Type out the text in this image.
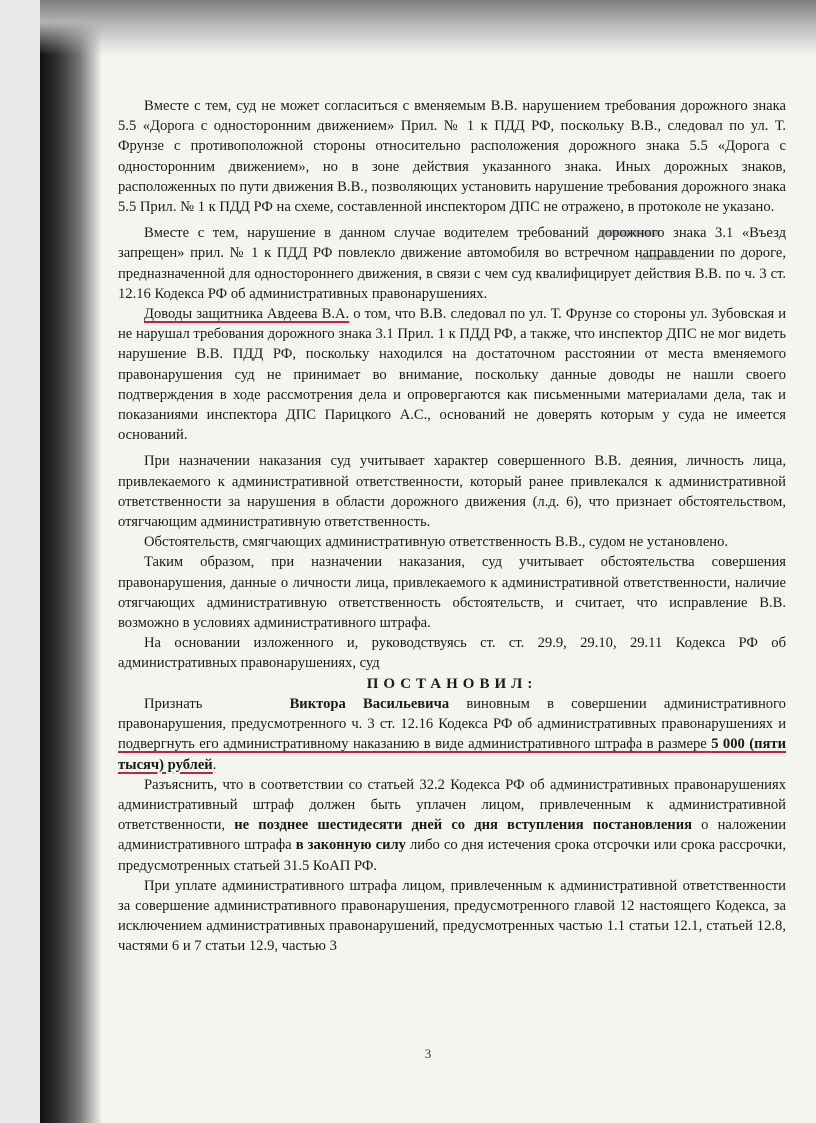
Вместе с тем, суд не может согласиться с вменяемым В.В. нарушением требования дорожного знака 5.5 «Дорога с односторонним движением» Прил. № 1 к ПДД РФ, поскольку В.В., следовал по ул. Т. Фрунзе с противоположной стороны относительно расположения дорожного знака 5.5 «Дорога с односторонним движением», но в зоне действия указанного знака. Иных дорожных знаков, расположенных по пути движения В.В., позволяющих установить нарушение требования дорожного знака 5.5 Прил. № 1 к ПДД РФ на схеме, составленной инспектором ДПС не отражено, в протоколе не указано.

Вместе с тем, нарушение в данном случае водителем требований дорожного знака 3.1 «Въезд запрещен» прил. № 1 к ПДД РФ повлекло движение автомобиля во встречном направлении по дороге, предназначенной для одностороннего движения, в связи с чем суд квалифицирует действия В.В. по ч. 3 ст. 12.16 Кодекса РФ об административных правонарушениях.

Доводы защитника Авдеева В.А. о том, что В.В. следовал по ул. Т. Фрунзе со стороны ул. Зубовская и не нарушал требования дорожного знака 3.1 Прил. 1 к ПДД РФ, а также, что инспектор ДПС не мог видеть нарушение В.В. ПДД РФ, поскольку находился на достаточном расстоянии от места вменяемого правонарушения суд не принимает во внимание, поскольку данные доводы не нашли своего подтверждения в ходе рассмотрения дела и опровергаются как письменными материалами дела, так и показаниями инспектора ДПС Парицкого А.С., оснований не доверять которым у суда не имеется оснований.

При назначении наказания суд учитывает характер совершенного В.В. деяния, личность лица, привлекаемого к административной ответственности, который ранее привлекался к административной ответственности за нарушения в области дорожного движения (л.д. 6), что признает обстоятельством, отягчающим административную ответственность.

Обстоятельств, смягчающих административную ответственность В.В., судом не установлено.

Таким образом, при назначении наказания, суд учитывает обстоятельства совершения правонарушения, данные о личности лица, привлекаемого к административной ответственности, наличие отягчающих административную ответственность обстоятельств, и считает, что исправление В.В. возможно в условиях административного штрафа.

На основании изложенного и, руководствуясь ст. ст. 29.9, 29.10, 29.11 Кодекса РФ об административных правонарушениях, суд

ПОСТАНОВИЛ:

Признать	Виктора Васильевича виновным в совершении административного правонарушения, предусмотренного ч. 3 ст. 12.16 Кодекса РФ об административных правонарушениях и подвергнуть его административному наказанию в виде административного штрафа в размере 5 000 (пяти тысяч) рублей.

Разъяснить, что в соответствии со статьей 32.2 Кодекса РФ об административных правонарушениях административный штраф должен быть уплачен лицом, привлеченным к административной ответственности, не позднее шестидесяти дней со дня вступления постановления о наложении административного штрафа в законную силу либо со дня истечения срока отсрочки или срока рассрочки, предусмотренных статьей 31.5 КоАП РФ.

При уплате административного штрафа лицом, привлеченным к административной ответственности за совершение административного правонарушения, предусмотренного главой 12 настоящего Кодекса, за исключением административных правонарушений, предусмотренных частью 1.1 статьи 12.1, статьей 12.8, частями 6 и 7 статьи 12.9, частью 3

3
